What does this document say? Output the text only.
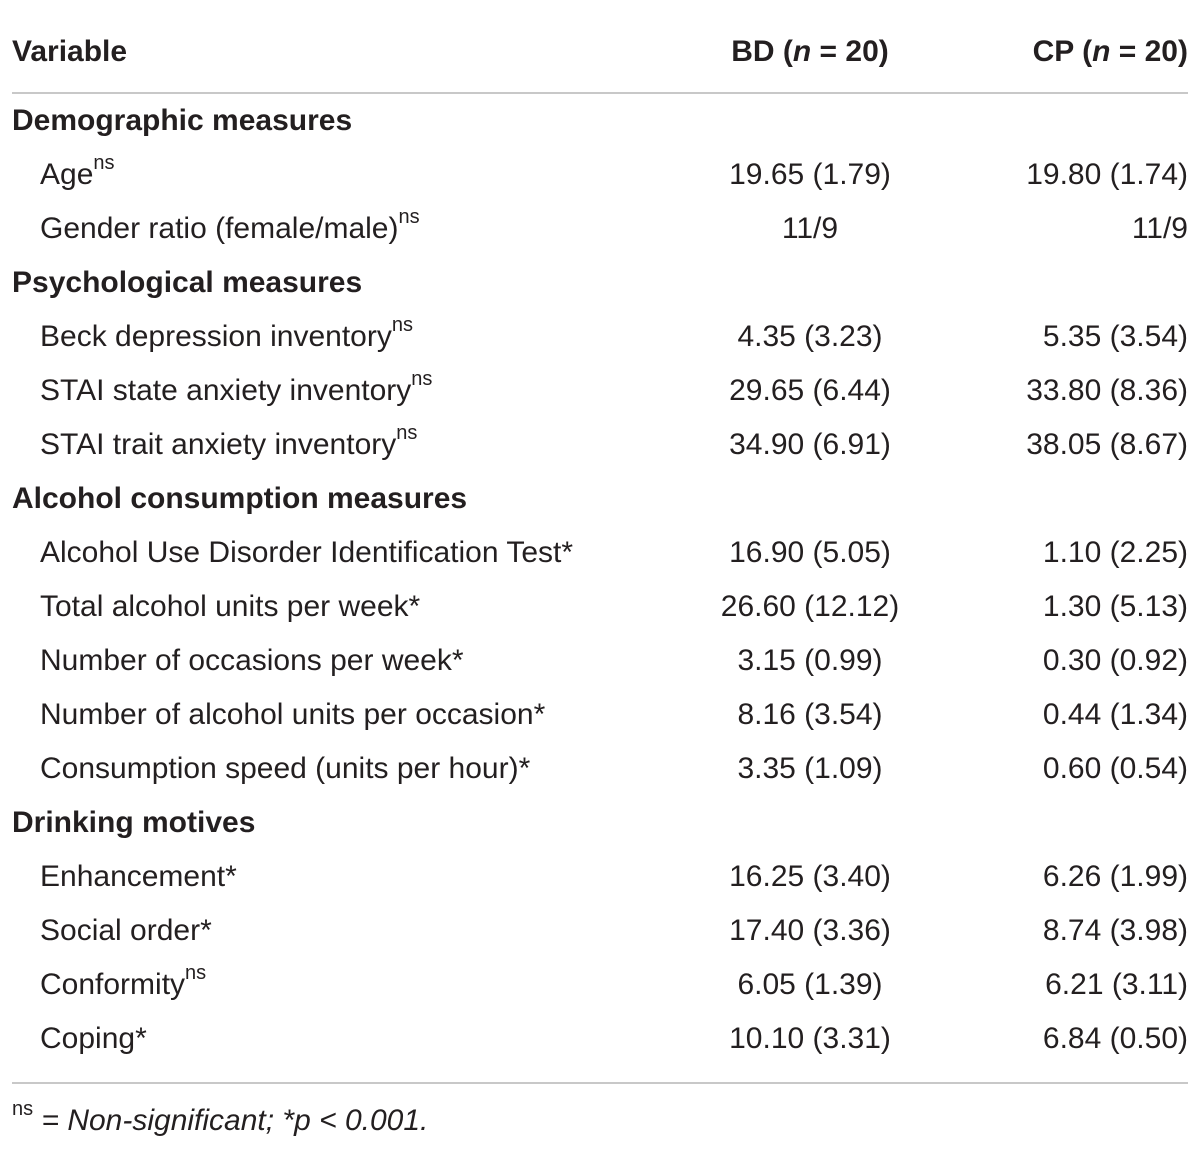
Variable	BD (n = 20)	CP (n = 20)
Demographic measures		
Age$^{ns}$	19.65 (1.79)	19.80 (1.74)
Gender ratio (female/male)$^{ns}$	11/9	11/9
Psychological measures		
Beck depression inventory$^{ns}$	4.35 (3.23)	5.35 (3.54)
STAI state anxiety inventory$^{ns}$	29.65 (6.44)	33.80 (8.36)
STAI trait anxiety inventory$^{ns}$	34.90 (6.91)	38.05 (8.67)
Alcohol consumption measures		
Alcohol Use Disorder Identification Test*	16.90 (5.05)	1.10 (2.25)
Total alcohol units per week*	26.60 (12.12)	1.30 (5.13)
Number of occasions per week*	3.15 (0.99)	0.30 (0.92)
Number of alcohol units per occasion*	8.16 (3.54)	0.44 (1.34)
Consumption speed (units per hour)*	3.35 (1.09)	0.60 (0.54)
Drinking motives		
Enhancement*	16.25 (3.40)	6.26 (1.99)
Social order*	17.40 (3.36)	8.74 (3.98)
Conformity$^{ns}$	6.05 (1.39)	6.21 (3.11)
Coping*	10.10 (3.31)	6.84 (0.50)

$^{ns}$ = Non-significant; *p < 0.001.
